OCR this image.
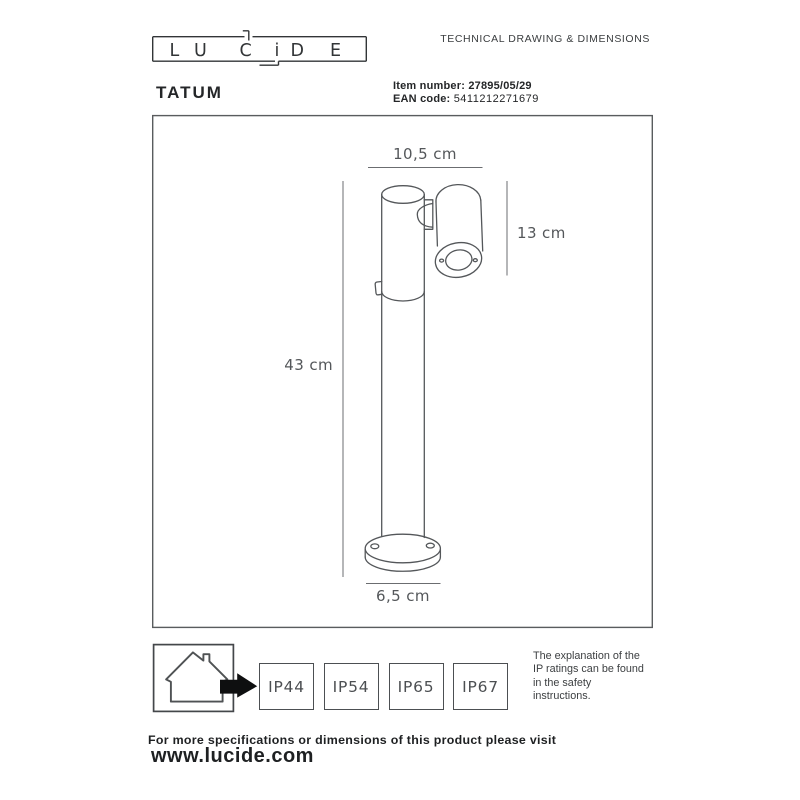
L U C i D E
TECHNICAL DRAWING & DIMENSIONS
TATUM	Item number: 27895/05/29
EAN code: 5411212271679
10,5 cm
13 cm
43 cm
6,5 cm
IP44	IP54	IP65	IP67
The explanation of the
IP ratings can be found
in the safety
instructions.
For more specifications or dimensions of this product please visit
www.lucide.com
